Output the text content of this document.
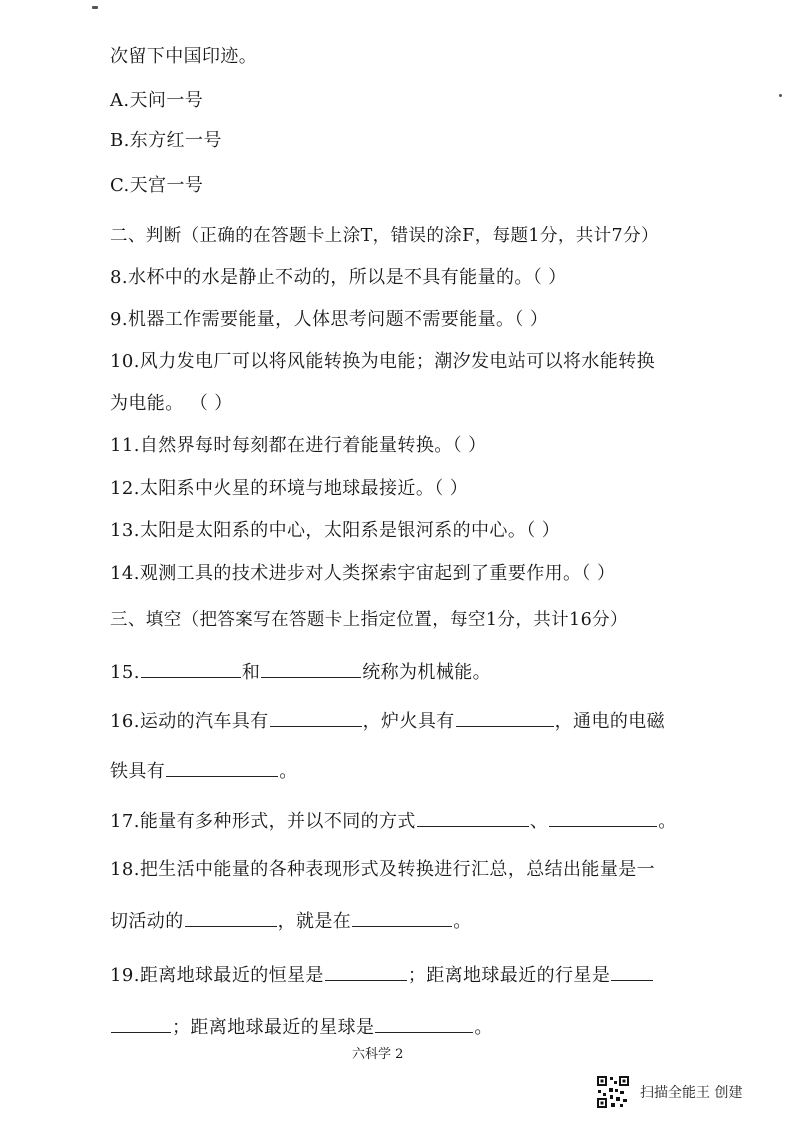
次留下中国印迹。
A.天问一号
B.东方红一号
C.天宫一号
二、判断（正确的在答题卡上涂T，错误的涂F，每题1分，共计7分）
8.水杯中的水是静止不动的，所以是不具有能量的。（ ）
9.机器工作需要能量，人体思考问题不需要能量。（ ）
10.风力发电厂可以将风能转换为电能；潮汐发电站可以将水能转换
为电能。 （ ）
11.自然界每时每刻都在进行着能量转换。（ ）
12.太阳系中火星的环境与地球最接近。（ ）
13.太阳是太阳系的中心，太阳系是银河系的中心。（ ）
14.观测工具的技术进步对人类探索宇宙起到了重要作用。（ ）
三、填空（把答案写在答题卡上指定位置，每空1分，共计16分）
15.	和	统称为机械能。
16.运动的汽车具有	，炉火具有	，通电的电磁
铁具有	。
17.能量有多种形式，并以不同的方式	、	。
18.把生活中能量的各种表现形式及转换进行汇总，总结出能量是一
切活动的	，就是在	。
19.距离地球最近的恒星是	；距离地球最近的行星是
；距离地球最近的星球是	。
六科学 2
扫描全能王 创建
